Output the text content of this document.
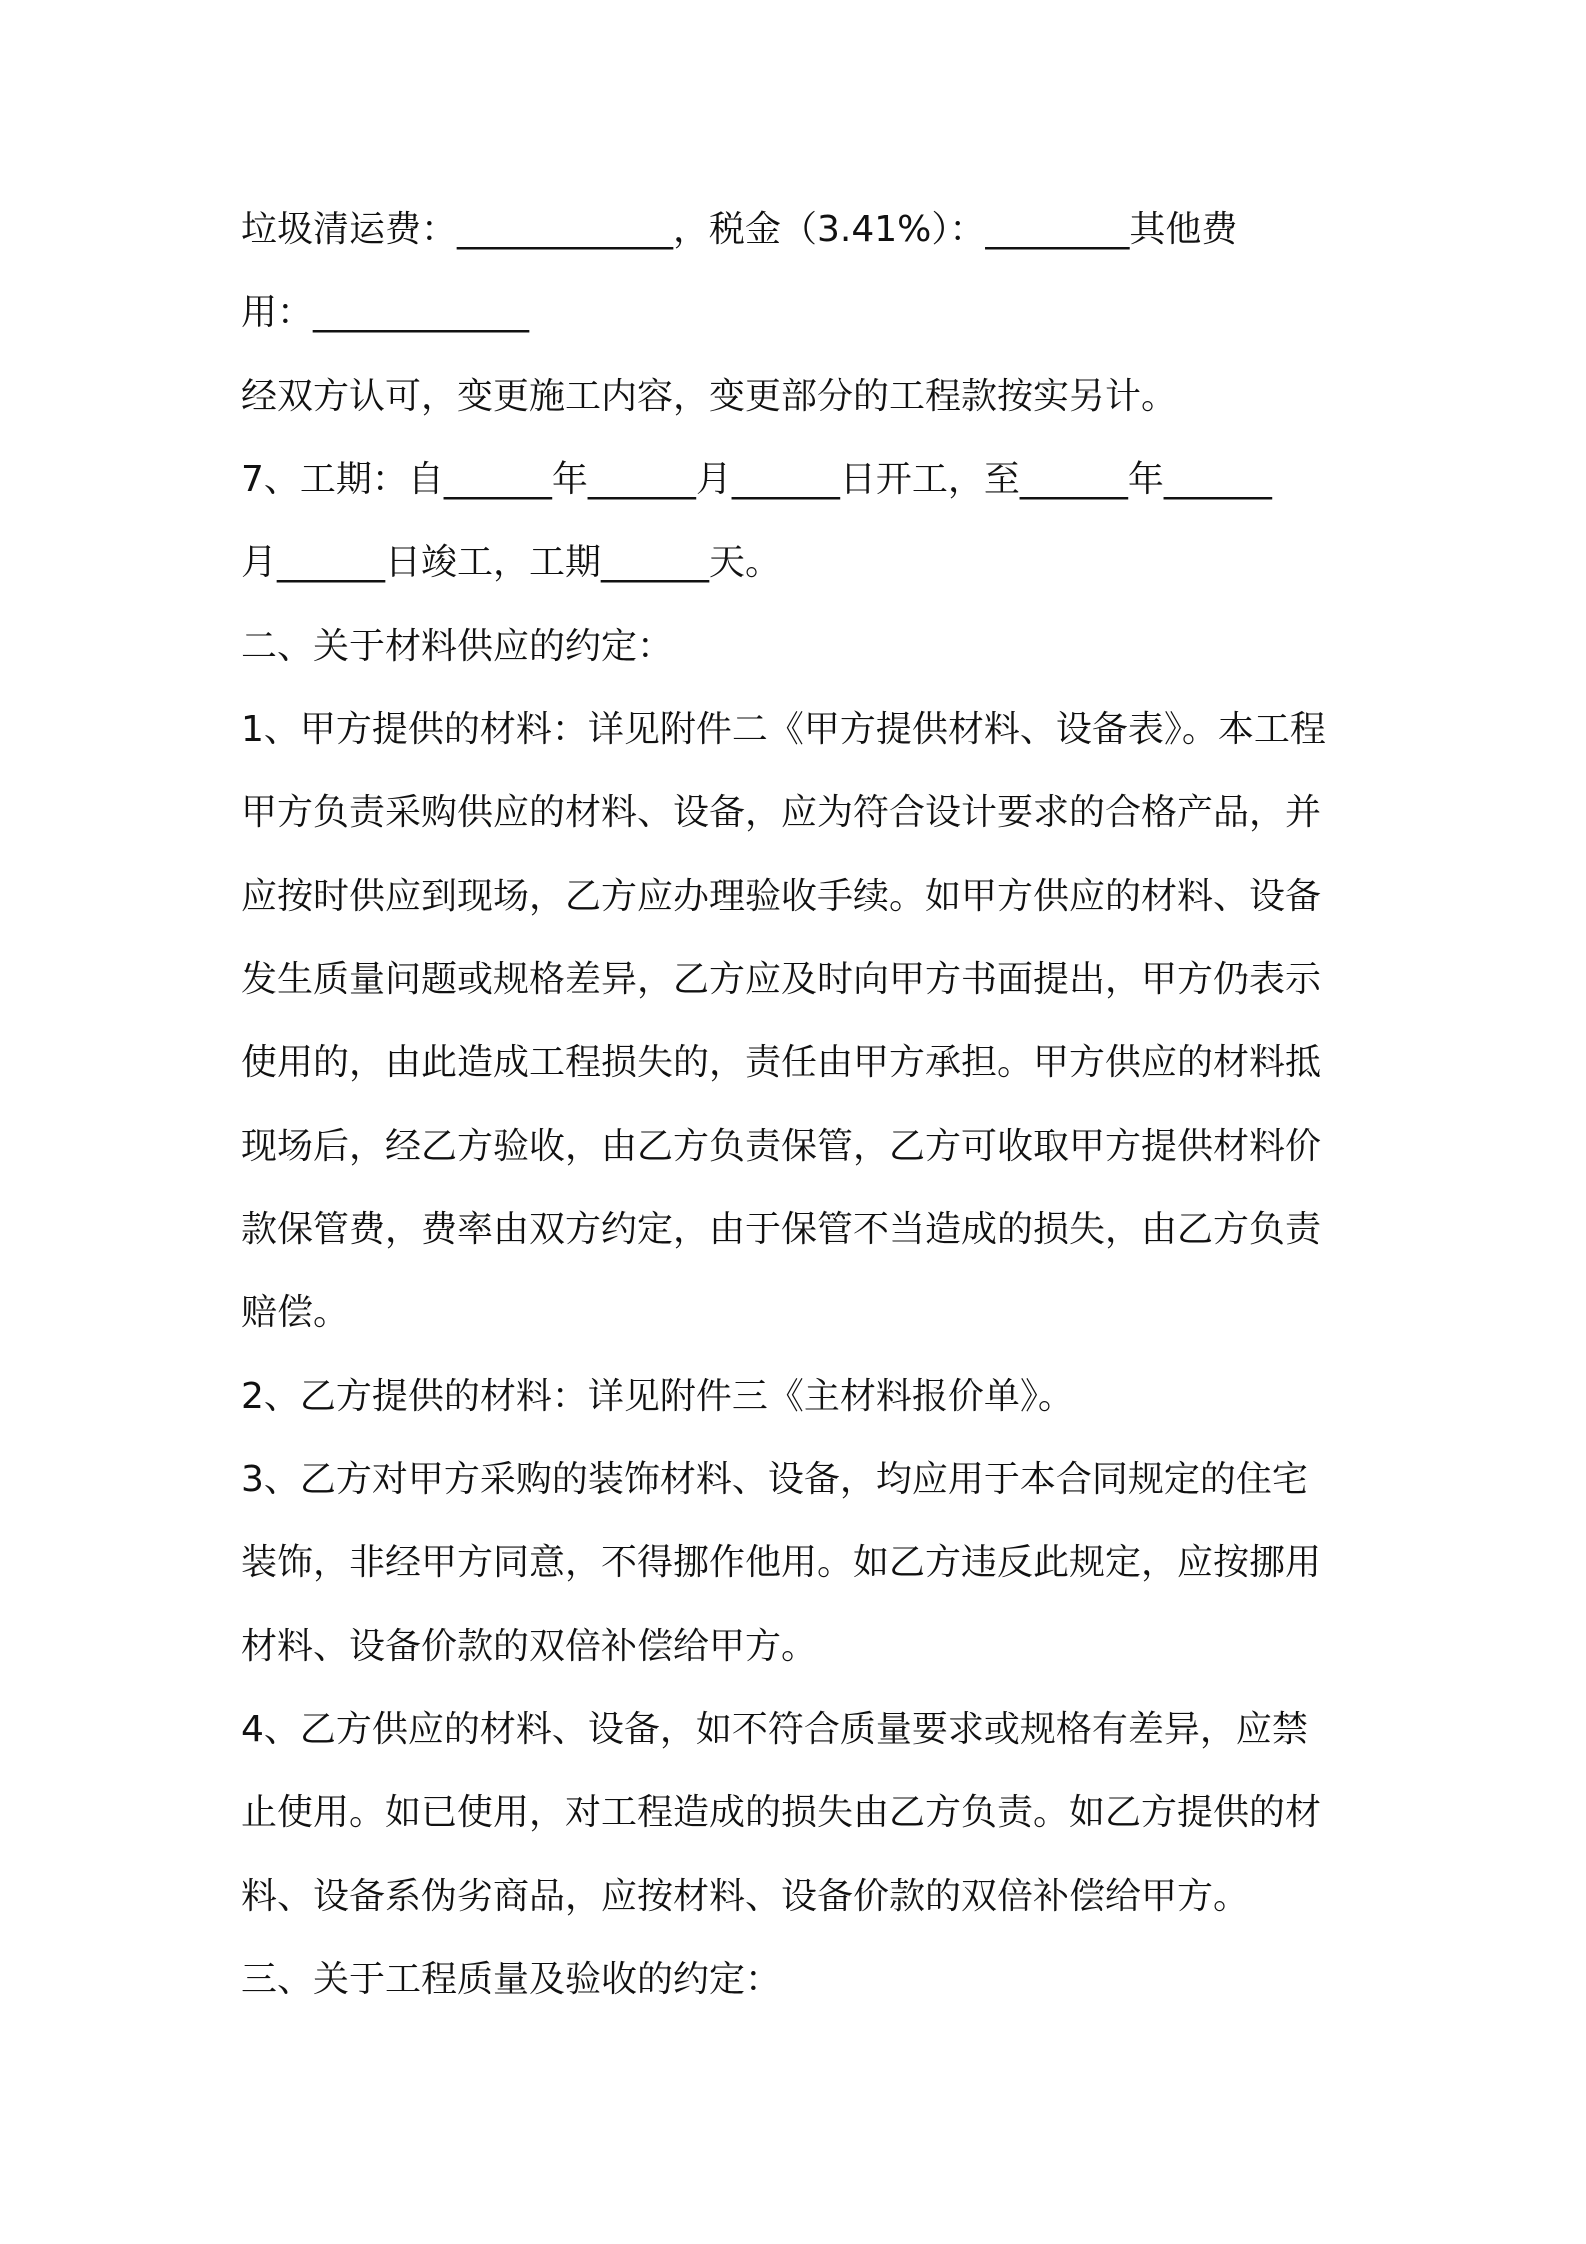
垃圾清运费：____________，税金（3.41%）：________其他费
用：____________
经双方认可，变更施工内容，变更部分的工程款按实另计。
7、工期：自______年______月______日开工，至______年______
月______日竣工，工期______天。
二、关于材料供应的约定：
1、甲方提供的材料：详见附件二《甲方提供材料、设备表》。本工程
甲方负责采购供应的材料、设备，应为符合设计要求的合格产品，并
应按时供应到现场，乙方应办理验收手续。如甲方供应的材料、设备
发生质量问题或规格差异，乙方应及时向甲方书面提出，甲方仍表示
使用的，由此造成工程损失的，责任由甲方承担。甲方供应的材料抵
现场后，经乙方验收，由乙方负责保管，乙方可收取甲方提供材料价
款保管费，费率由双方约定，由于保管不当造成的损失，由乙方负责
赔偿。
2、乙方提供的材料：详见附件三《主材料报价单》。
3、乙方对甲方采购的装饰材料、设备，均应用于本合同规定的住宅
装饰，非经甲方同意，不得挪作他用。如乙方违反此规定，应按挪用
材料、设备价款的双倍补偿给甲方。
4、乙方供应的材料、设备，如不符合质量要求或规格有差异，应禁
止使用。如已使用，对工程造成的损失由乙方负责。如乙方提供的材
料、设备系伪劣商品，应按材料、设备价款的双倍补偿给甲方。
三、关于工程质量及验收的约定：
